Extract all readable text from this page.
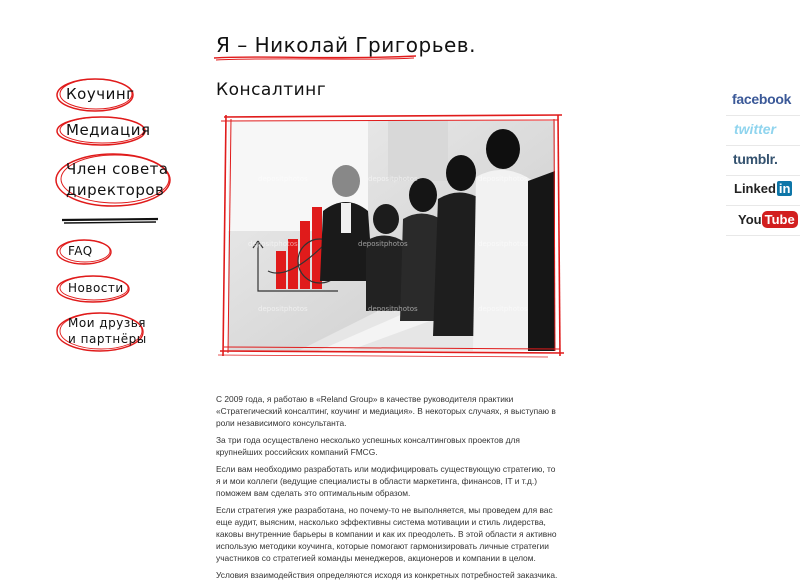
Я – Николай Григорьев.
Консалтинг
Коучинг
Медиация
Член совета директоров
FAQ
Новости
Мои друзья и партнёры
depositphotos	depositphotos	depositphotos
depositphotos	depositphotos	depositphotos
depositphotos	depositphotos	depositphotos

С 2009 года, я работаю в «Reland Group» в качестве руководителя практики «Стратегический консалтинг, коучинг и медиация». В некоторых случаях, я выступаю в роли независимого консультанта.

За три года осуществлено несколько успешных консалтинговых проектов для крупнейших российских компаний FMCG.

Если вам необходимо разработать или модифицировать существующую стратегию, то я и мои коллеги (ведущие специалисты в области маркетинга, финансов, IT и т.д.) поможем вам сделать это оптимальным образом.

Если стратегия уже разработана, но почему-то не выполняется, мы проведем для вас еще аудит, выясним, насколько эффективны система мотивации и стиль лидерства, каковы внутренние барьеры в компании и как их преодолеть. В этой области я активно использую методики коучинга, которые помогают гармонизировать личные стратегии участников со стратегией команды менеджеров, акционеров и компании в целом.

Условия взаимодействия определяются исходя из конкретных потребностей заказчика.

facebook
twitter
tumblr.
Linked in
You Tube
